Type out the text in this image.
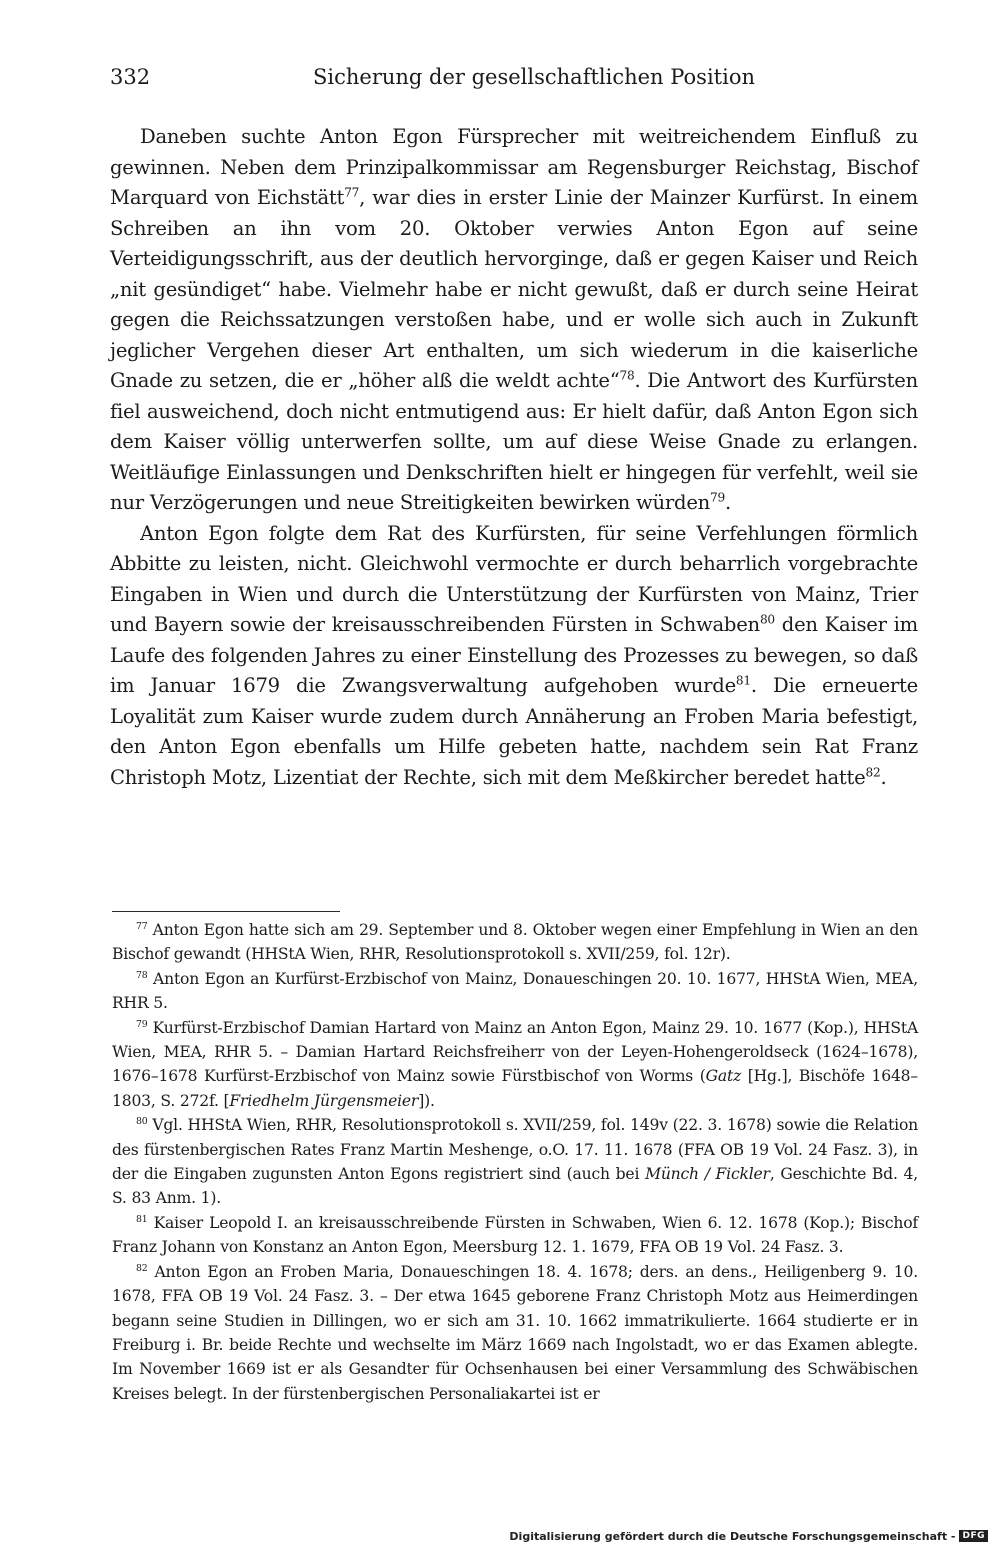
332	Sicherung der gesellschaftlichen Position

Daneben suchte Anton Egon Fürsprecher mit weitreichendem Einfluß zu gewinnen. Neben dem Prinzipalkommissar am Regensburger Reichstag, Bischof Marquard von Eichstätt$^{77}$, war dies in erster Linie der Mainzer Kurfürst. In einem Schreiben an ihn vom 20. Oktober verwies Anton Egon auf seine Verteidigungsschrift, aus der deutlich hervorginge, daß er gegen Kaiser und Reich „nit gesündiget“ habe. Vielmehr habe er nicht gewußt, daß er durch seine Heirat gegen die Reichssatzungen verstoßen habe, und er wolle sich auch in Zukunft jeglicher Vergehen dieser Art enthalten, um sich wiederum in die kaiserliche Gnade zu setzen, die er „höher alß die weldt achte“$^{78}$. Die Antwort des Kurfürsten fiel ausweichend, doch nicht entmutigend aus: Er hielt dafür, daß Anton Egon sich dem Kaiser völlig unterwerfen sollte, um auf diese Weise Gnade zu erlangen. Weitläufige Einlassungen und Denkschriften hielt er hingegen für verfehlt, weil sie nur Verzögerungen und neue Streitigkeiten bewirken würden$^{79}$.

Anton Egon folgte dem Rat des Kurfürsten, für seine Verfehlungen förmlich Abbitte zu leisten, nicht. Gleichwohl vermochte er durch beharrlich vorgebrachte Eingaben in Wien und durch die Unterstützung der Kurfürsten von Mainz, Trier und Bayern sowie der kreisausschreibenden Fürsten in Schwaben$^{80}$ den Kaiser im Laufe des folgenden Jahres zu einer Einstellung des Prozesses zu bewegen, so daß im Januar 1679 die Zwangsverwaltung aufgehoben wurde$^{81}$. Die erneuerte Loyalität zum Kaiser wurde zudem durch Annäherung an Froben Maria befestigt, den Anton Egon ebenfalls um Hilfe gebeten hatte, nachdem sein Rat Franz Christoph Motz, Lizentiat der Rechte, sich mit dem Meßkircher beredet hatte$^{82}$.

$^{77}$ Anton Egon hatte sich am 29. September und 8. Oktober wegen einer Empfehlung in Wien an den Bischof gewandt (HHStA Wien, RHR, Resolutionsprotokoll s. XVII/259, fol. 12r).

$^{78}$ Anton Egon an Kurfürst-Erzbischof von Mainz, Donaueschingen 20. 10. 1677, HHStA Wien, MEA, RHR 5.

$^{79}$ Kurfürst-Erzbischof Damian Hartard von Mainz an Anton Egon, Mainz 29. 10. 1677 (Kop.), HHStA Wien, MEA, RHR 5. – Damian Hartard Reichsfreiherr von der Leyen-Hohengeroldseck (1624–1678), 1676–1678 Kurfürst-Erzbischof von Mainz sowie Fürstbischof von Worms (Gatz [Hg.], Bischöfe 1648–1803, S. 272f. [Friedhelm Jürgensmeier]).

$^{80}$ Vgl. HHStA Wien, RHR, Resolutionsprotokoll s. XVII/259, fol. 149v (22. 3. 1678) sowie die Relation des fürstenbergischen Rates Franz Martin Meshenge, o.O. 17. 11. 1678 (FFA OB 19 Vol. 24 Fasz. 3), in der die Eingaben zugunsten Anton Egons registriert sind (auch bei Münch / Fickler, Geschichte Bd. 4, S. 83 Anm. 1).

$^{81}$ Kaiser Leopold I. an kreisausschreibende Fürsten in Schwaben, Wien 6. 12. 1678 (Kop.); Bischof Franz Johann von Konstanz an Anton Egon, Meersburg 12. 1. 1679, FFA OB 19 Vol. 24 Fasz. 3.

$^{82}$ Anton Egon an Froben Maria, Donaueschingen 18. 4. 1678; ders. an dens., Heiligenberg 9. 10. 1678, FFA OB 19 Vol. 24 Fasz. 3. – Der etwa 1645 geborene Franz Christoph Motz aus Heimerdingen begann seine Studien in Dillingen, wo er sich am 31. 10. 1662 immatrikulierte. 1664 studierte er in Freiburg i. Br. beide Rechte und wechselte im März 1669 nach Ingolstadt, wo er das Examen ablegte. Im November 1669 ist er als Gesandter für Ochsenhausen bei einer Versammlung des Schwäbischen Kreises belegt. In der fürstenbergischen Personaliakartei ist er

Digitalisierung gefördert durch die Deutsche Forschungsgemeinschaft - DFG
